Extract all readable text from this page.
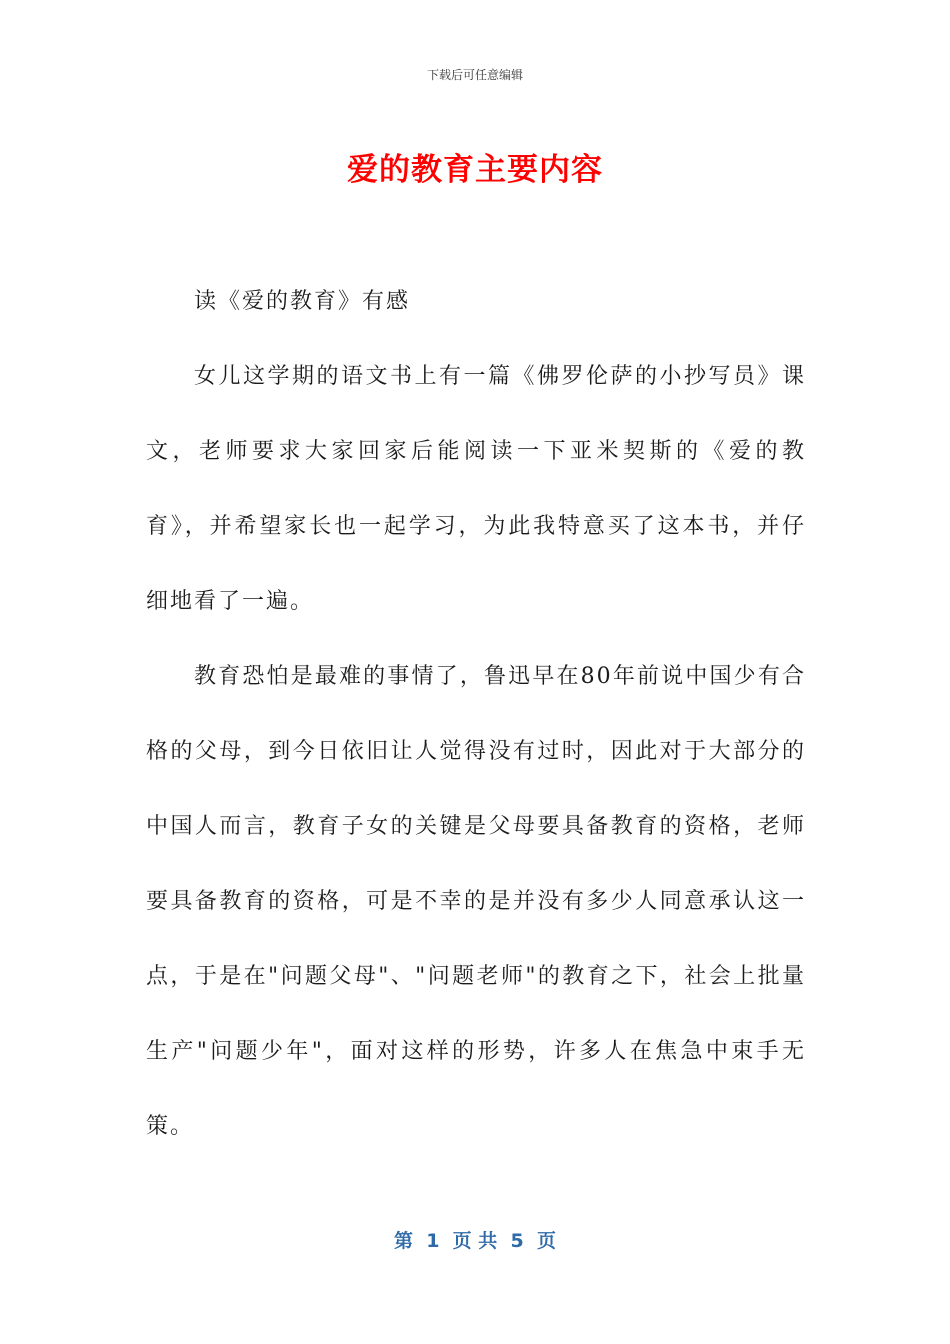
下载后可任意编辑
爱的教育主要内容

读《爱的教育》有感

女儿这学期的语文书上有一篇《佛罗伦萨的小抄写员》课文，老师要求大家回家后能阅读一下亚米契斯的《爱的教育》，并希望家长也一起学习，为此我特意买了这本书，并仔细地看了一遍。

教育恐怕是最难的事情了，鲁迅早在80年前说中国少有合格的父母，到今日依旧让人觉得没有过时，因此对于大部分的中国人而言，教育子女的关键是父母要具备教育的资格，老师要具备教育的资格，可是不幸的是并没有多少人同意承认这一点，于是在"问题父母"、"问题老师"的教育之下，社会上批量生产"问题少年"，面对这样的形势，许多人在焦急中束手无策。

第  1  页 共  5  页
